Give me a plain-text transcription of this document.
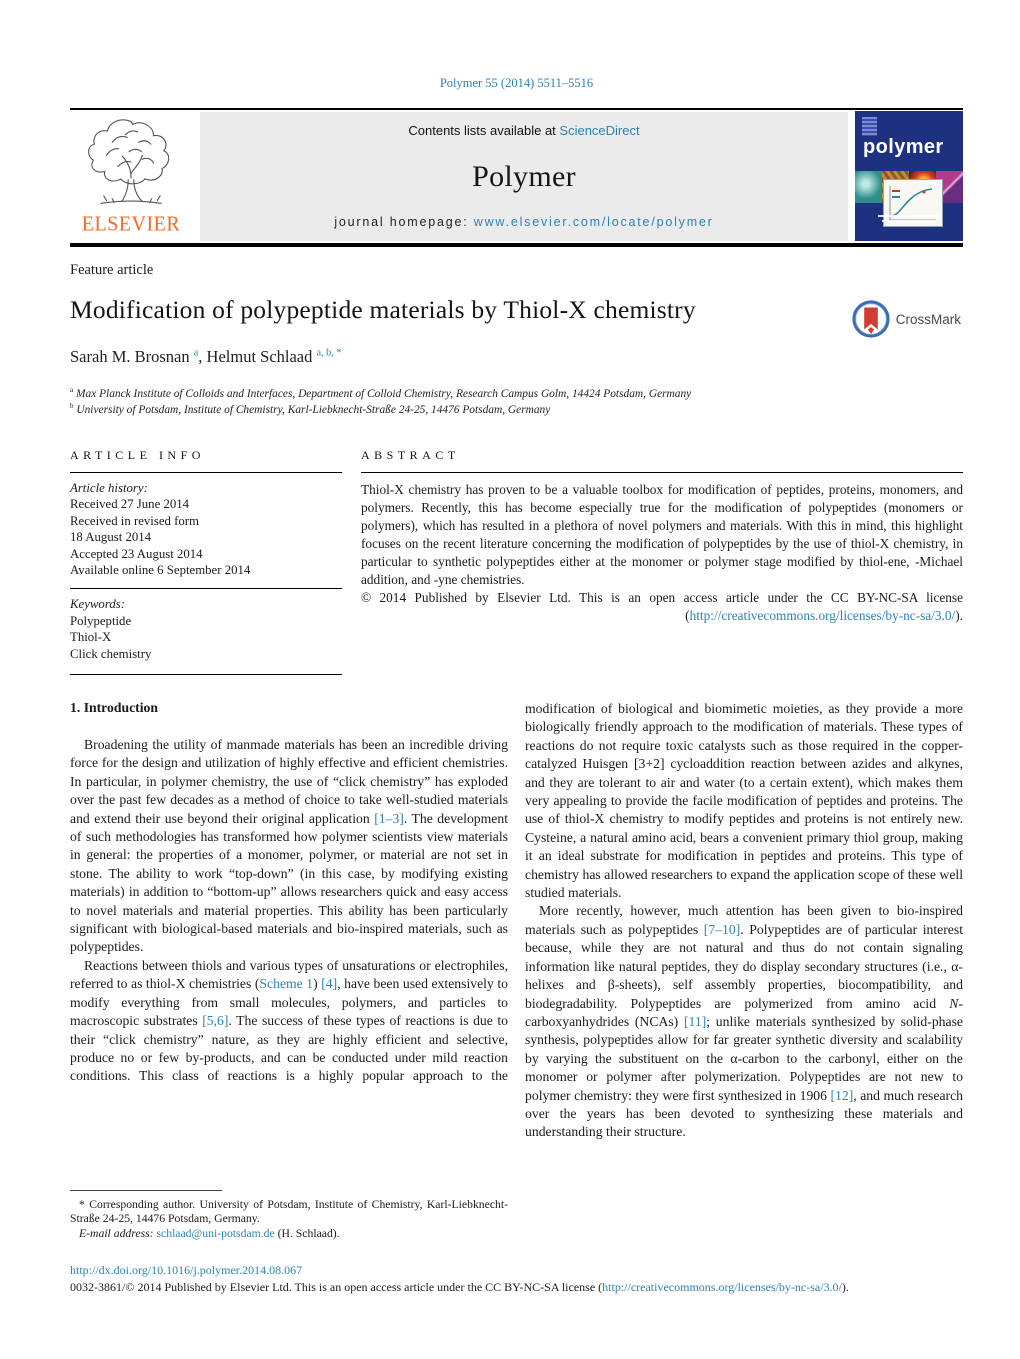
Polymer 55 (2014) 5511–5516
ELSEVIER
Contents lists available at ScienceDirect
Polymer
journal homepage: www.elsevier.com/locate/polymer
polymer
Feature article
Modification of polypeptide materials by Thiol-X chemistry
Sarah M. Brosnan $^a$, Helmut Schlaad $^{a, b, *}$
$^a$ Max Planck Institute of Colloids and Interfaces, Department of Colloid Chemistry, Research Campus Golm, 14424 Potsdam, Germany
$^b$ University of Potsdam, Institute of Chemistry, Karl-Liebknecht-Straße 24-25, 14476 Potsdam, Germany
CrossMark
ARTICLE INFO
Article history:
Received 27 June 2014
Received in revised form
18 August 2014
Accepted 23 August 2014
Available online 6 September 2014
Keywords:
Polypeptide
Thiol-X
Click chemistry
ABSTRACT
Thiol-X chemistry has proven to be a valuable toolbox for modification of peptides, proteins, monomers, and polymers. Recently, this has become especially true for the modification of polypeptides (monomers or polymers), which has resulted in a plethora of novel polymers and materials. With this in mind, this highlight focuses on the recent literature concerning the modification of polypeptides by the use of thiol-X chemistry, in particular to synthetic polypeptides either at the monomer or polymer stage modified by thiol-ene, -Michael addition, and -yne chemistries.
© 2014 Published by Elsevier Ltd. This is an open access article under the CC BY-NC-SA license (http://creativecommons.org/licenses/by-nc-sa/3.0/).
1. Introduction

Broadening the utility of manmade materials has been an incredible driving force for the design and utilization of highly effective and efficient chemistries. In particular, in polymer chemistry, the use of “click chemistry” has exploded over the past few decades as a method of choice to take well-studied materials and extend their use beyond their original application [1–3]. The development of such methodologies has transformed how polymer scientists view materials in general: the properties of a monomer, polymer, or material are not set in stone. The ability to work “top-down” (in this case, by modifying existing materials) in addition to “bottom-up” allows researchers quick and easy access to novel materials and material properties. This ability has been particularly significant with biological-based materials and bio-inspired materials, such as polypeptides.

Reactions between thiols and various types of unsaturations or electrophiles, referred to as thiol-X chemistries (Scheme 1) [4], have been used extensively to modify everything from small molecules, polymers, and particles to macroscopic substrates [5,6]. The success of these types of reactions is due to their “click chemistry” nature, as they are highly efficient and selective, produce no or few by-products, and can be conducted under mild reaction conditions. This class of reactions is a highly popular approach to the

* Corresponding author. University of Potsdam, Institute of Chemistry, Karl-Liebknecht-Straße 24-25, 14476 Potsdam, Germany.

E-mail address: schlaad@uni-potsdam.de (H. Schlaad).

modification of biological and biomimetic moieties, as they provide a more biologically friendly approach to the modification of materials. These types of reactions do not require toxic catalysts such as those required in the copper-catalyzed Huisgen [3+2] cycloaddition reaction between azides and alkynes, and they are tolerant to air and water (to a certain extent), which makes them very appealing to provide the facile modification of peptides and proteins. The use of thiol-X chemistry to modify peptides and proteins is not entirely new. Cysteine, a natural amino acid, bears a convenient primary thiol group, making it an ideal substrate for modification in peptides and proteins. This type of chemistry has allowed researchers to expand the application scope of these well studied materials.

More recently, however, much attention has been given to bio-inspired materials such as polypeptides [7–10]. Polypeptides are of particular interest because, while they are not natural and thus do not contain signaling information like natural peptides, they do display secondary structures (i.e., α-helixes and β-sheets), self assembly properties, biocompatibility, and biodegradability. Polypeptides are polymerized from amino acid N-carboxyanhydrides (NCAs) [11]; unlike materials synthesized by solid-phase synthesis, polypeptides allow for far greater synthetic diversity and scalability by varying the substituent on the α-carbon to the carbonyl, either on the monomer or polymer after polymerization. Polypeptides are not new to polymer chemistry: they were first synthesized in 1906 [12], and much research over the years has been devoted to synthesizing these materials and understanding their structure.

http://dx.doi.org/10.1016/j.polymer.2014.08.067
0032-3861/© 2014 Published by Elsevier Ltd. This is an open access article under the CC BY-NC-SA license (http://creativecommons.org/licenses/by-nc-sa/3.0/).
